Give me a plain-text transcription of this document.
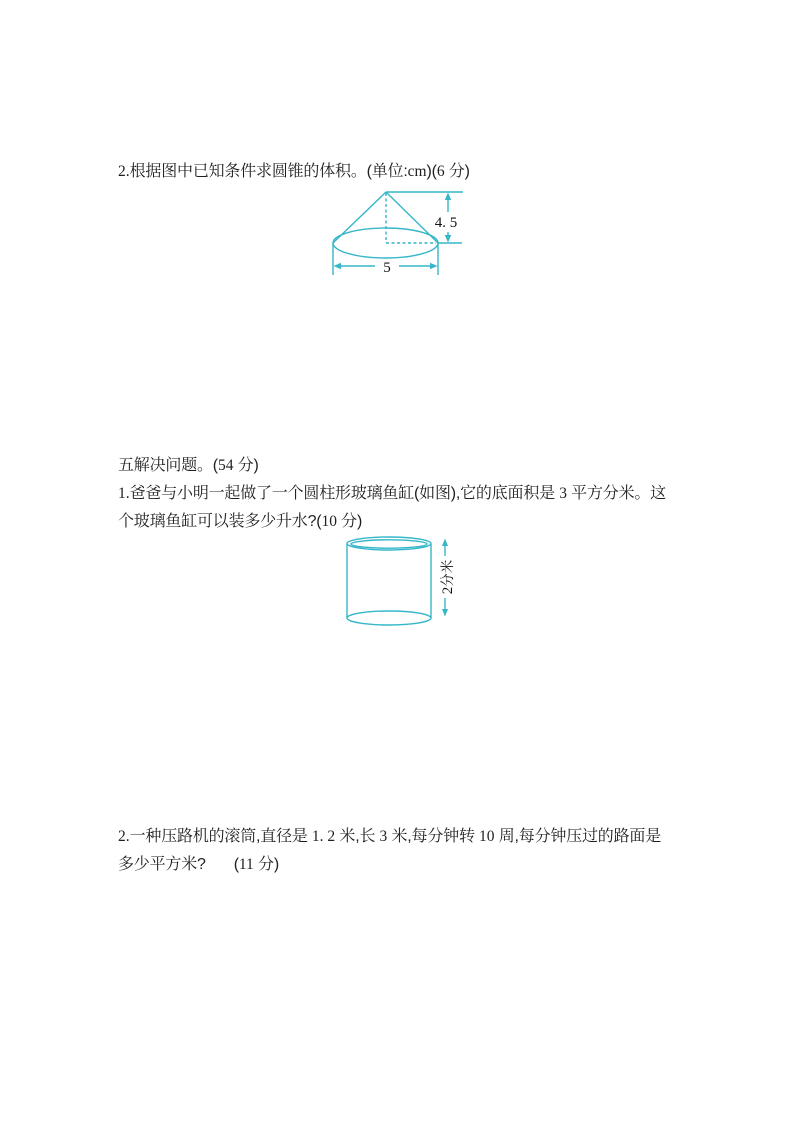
2.根据图中已知条件求圆锥的体积。(单位:cm)(6 分)
4. 5
5
五解决问题。(54 分)
1.爸爸与小明一起做了一个圆柱形玻璃鱼缸(如图),它的底面积是 3 平方分米。这
个玻璃鱼缸可以装多少升水?(10 分)
2分米
2.一种压路机的滚筒,直径是 1. 2 米,长 3 米,每分钟转 10 周,每分钟压过的路面是
多少平方米? (11 分)
